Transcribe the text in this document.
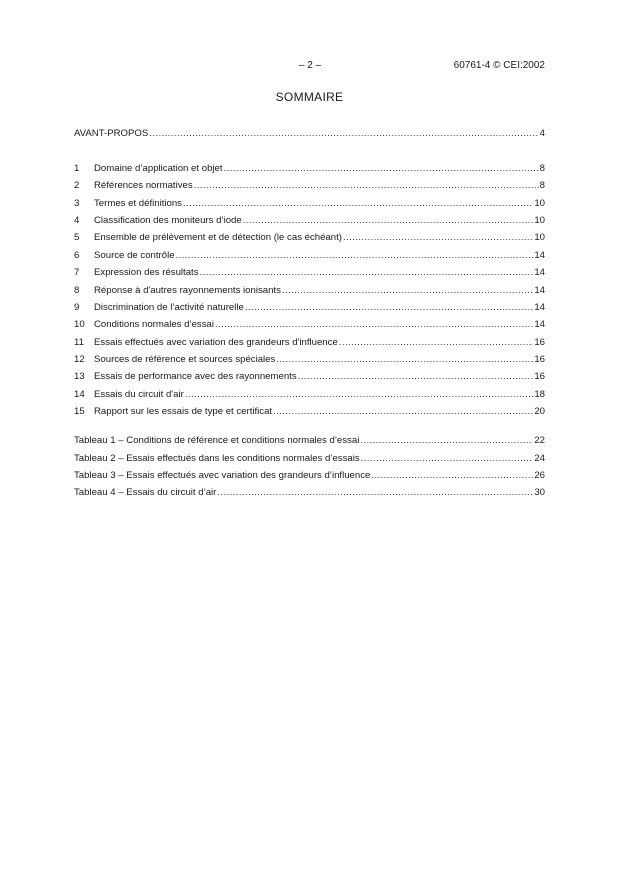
– 2 –	60761-4 © CEI:2002
SOMMAIRE
AVANT-PROPOS .....	4
1	Domaine d’application et objet .....	8
2	Références normatives .....	8
3	Termes et définitions .....	10
4	Classification des moniteurs d’iode .....	10
5	Ensemble de prélèvement et de détection (le cas échéant) .....	10
6	Source de contrôle .....	14
7	Expression des résultats .....	14
8	Réponse à d'autres rayonnements ionisants .....	14
9	Discrimination de l’activité naturelle .....	14
10 Conditions normales d’essai .....	14
11	Essais effectués avec variation des grandeurs d'influence .....	16
12 Sources de référence et sources spéciales .....	16
13 Essais de performance avec des rayonnements .....	16
14 Essais du circuit d'air .....	18
15 Rapport sur les essais de type et certificat .....	20
Tableau 1 – Conditions de référence et conditions normales d’essai .....	22
Tableau 2 – Essais effectués dans les conditions normales d’essais .....	24
Tableau 3 – Essais effectués avec variation des grandeurs d’influence .....	26
Tableau 4 – Essais du circuit d’air .....	30
